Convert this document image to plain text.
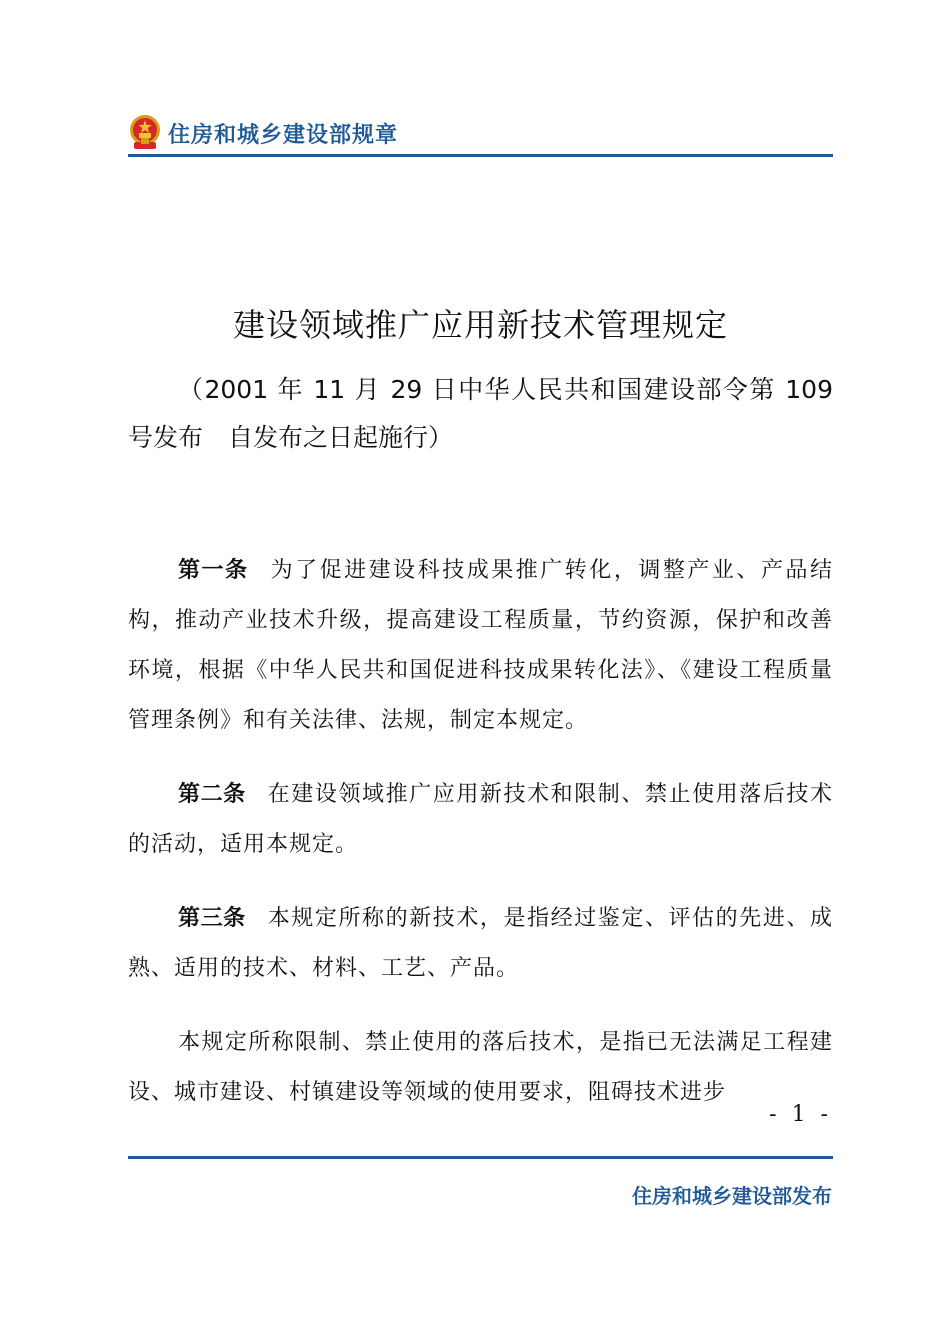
住房和城乡建设部规章
建设领域推广应用新技术管理规定
（2001 年 11 月 29 日中华人民共和国建设部令第 109 号发布　自发布之日起施行）

第一条 为了促进建设科技成果推广转化，调整产业、产品结构，推动产业技术升级，提高建设工程质量，节约资源，保护和改善环境，根据《中华人民共和国促进科技成果转化法》、《建设工程质量管理条例》和有关法律、法规，制定本规定。

第二条 在建设领域推广应用新技术和限制、禁止使用落后技术的活动，适用本规定。

第三条 本规定所称的新技术，是指经过鉴定、评估的先进、成熟、适用的技术、材料、工艺、产品。

本规定所称限制、禁止使用的落后技术，是指已无法满足工程建设、城市建设、村镇建设等领域的使用要求，阻碍技术进步

- 1 -
住房和城乡建设部发布
